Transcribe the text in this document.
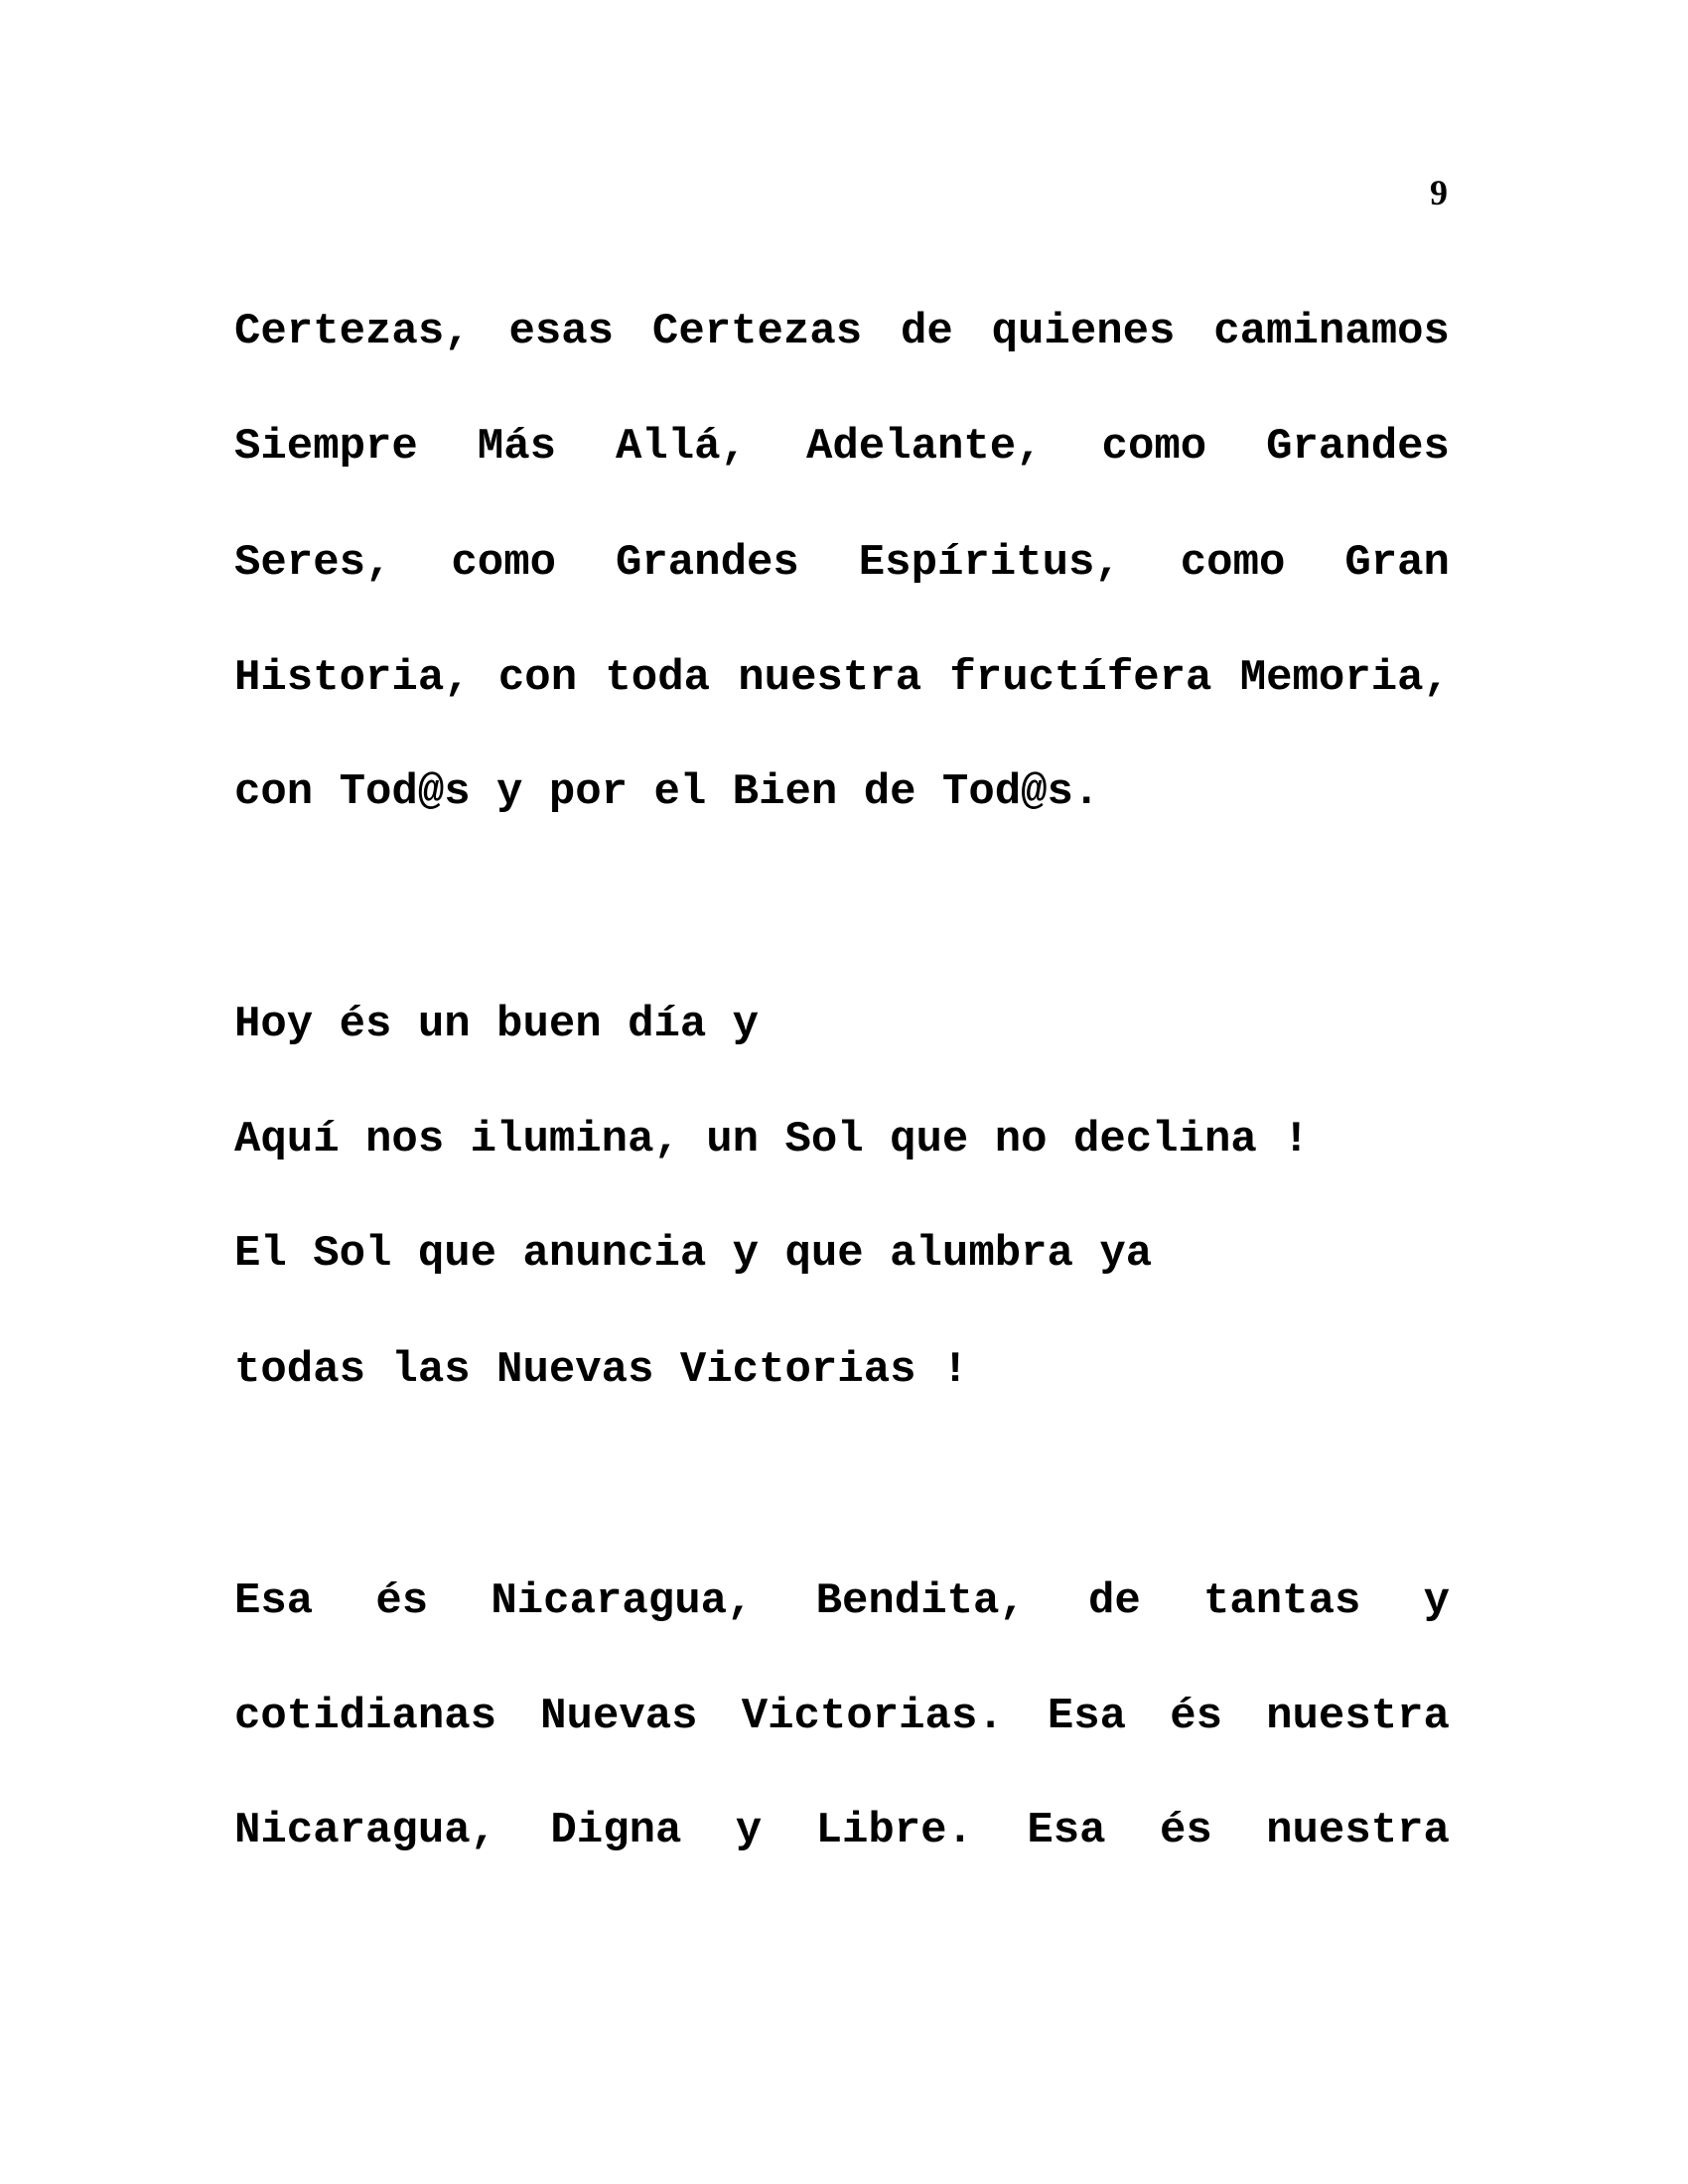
9
Certezas, esas Certezas de quienes caminamos
Siempre Más Allá, Adelante, como Grandes
Seres, como Grandes Espíritus, como Gran
Historia, con toda nuestra fructífera Memoria,
con Tod@s y por el Bien de Tod@s.
Hoy és un buen día y
Aquí nos ilumina, un Sol que no declina !
El Sol que anuncia y que alumbra ya
todas las Nuevas Victorias !
Esa és Nicaragua, Bendita, de tantas y
cotidianas Nuevas Victorias. Esa és nuestra
Nicaragua, Digna y Libre. Esa és nuestra
